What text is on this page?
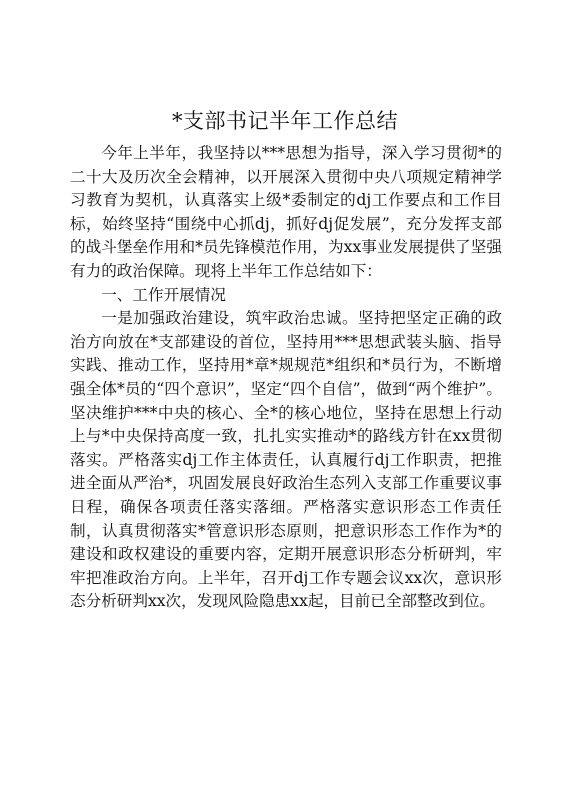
*支部书记半年工作总结

今年上半年，我坚持以***思想为指导，深入学习贯彻*的二十大及历次全会精神，以开展深入贯彻中央八项规定精神学习教育为契机，认真落实上级*委制定的dj工作要点和工作目标，始终坚持“围绕中心抓dj，抓好dj促发展”，充分发挥支部的战斗堡垒作用和*员先锋模范作用，为xx事业发展提供了坚强有力的政治保障。现将上半年工作总结如下：

一、工作开展情况

一是加强政治建设，筑牢政治忠诚。坚持把坚定正确的政治方向放在*支部建设的首位，坚持用***思想武装头脑、指导实践、推动工作，坚持用*章*规规范*组织和*员行为，不断增强全体*员的“四个意识”，坚定“四个自信”，做到“两个维护”。坚决维护***中央的核心、全*的核心地位，坚持在思想上行动上与*中央保持高度一致，扎扎实实推动*的路线方针在xx贯彻落实。严格落实dj工作主体责任，认真履行dj工作职责，把推进全面从严治*，巩固发展良好政治生态列入支部工作重要议事日程，确保各项责任落实落细。严格落实意识形态工作责任制，认真贯彻落实*管意识形态原则，把意识形态工作作为*的建设和政权建设的重要内容，定期开展意识形态分析研判，牢牢把准政治方向。上半年，召开dj工作专题会议xx次，意识形态分析研判xx次，发现风险隐患xx起，目前已全部整改到位。
